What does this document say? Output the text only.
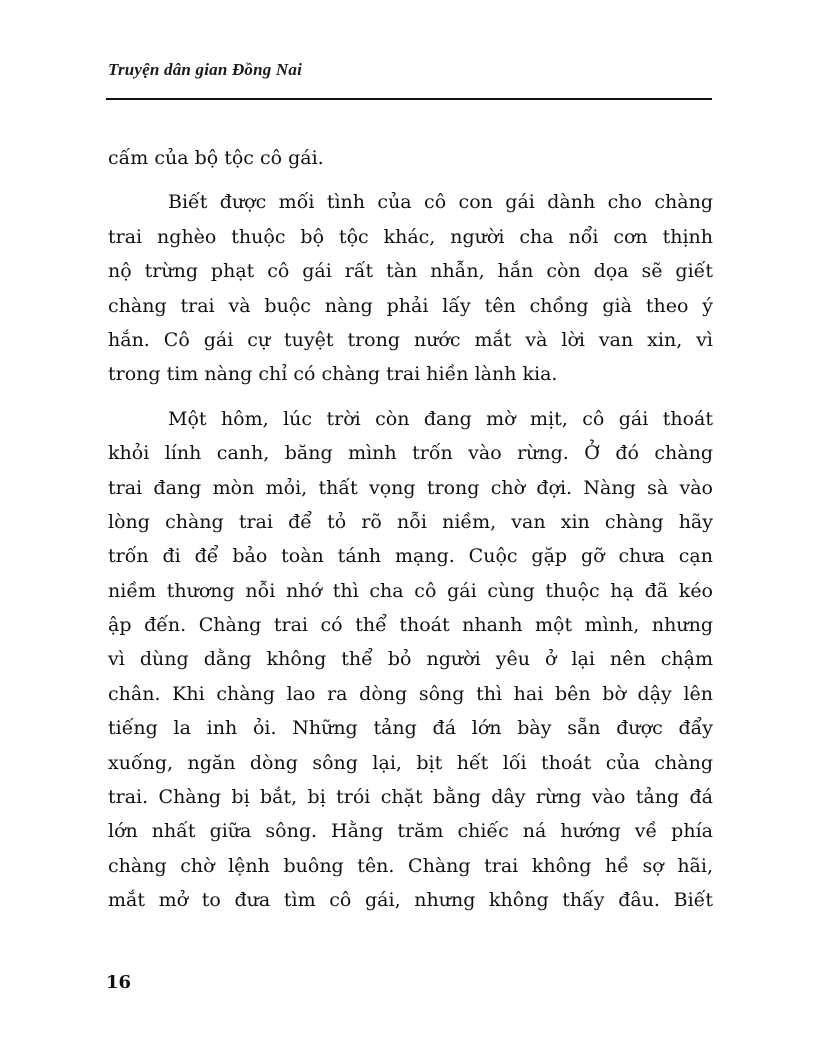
Truyện dân gian Đồng Nai
cấm của bộ tộc cô gái.
Biết được mối tình của cô con gái dành cho chàng
trai nghèo thuộc bộ tộc khác, người cha nổi cơn thịnh
nộ trừng phạt cô gái rất tàn nhẫn, hắn còn dọa sẽ giết
chàng trai và buộc nàng phải lấy tên chồng già theo ý
hắn. Cô gái cự tuyệt trong nước mắt và lời van xin, vì
trong tim nàng chỉ có chàng trai hiền lành kia.
Một hôm, lúc trời còn đang mờ mịt, cô gái thoát
khỏi lính canh, băng mình trốn vào rừng. Ở đó chàng
trai đang mòn mỏi, thất vọng trong chờ đợi. Nàng sà vào
lòng chàng trai để tỏ rõ nỗi niềm, van xin chàng hãy
trốn đi để bảo toàn tánh mạng. Cuộc gặp gỡ chưa cạn
niềm thương nỗi nhớ thì cha cô gái cùng thuộc hạ đã kéo
ập đến. Chàng trai có thể thoát nhanh một mình, nhưng
vì dùng dằng không thể bỏ người yêu ở lại nên chậm
chân. Khi chàng lao ra dòng sông thì hai bên bờ dậy lên
tiếng la inh ỏi. Những tảng đá lớn bày sẵn được đẩy
xuống, ngăn dòng sông lại, bịt hết lối thoát của chàng
trai. Chàng bị bắt, bị trói chặt bằng dây rừng vào tảng đá
lớn nhất giữa sông. Hằng trăm chiếc ná hướng về phía
chàng chờ lệnh buông tên. Chàng trai không hề sợ hãi,
mắt mở to đưa tìm cô gái, nhưng không thấy đâu. Biết
16
